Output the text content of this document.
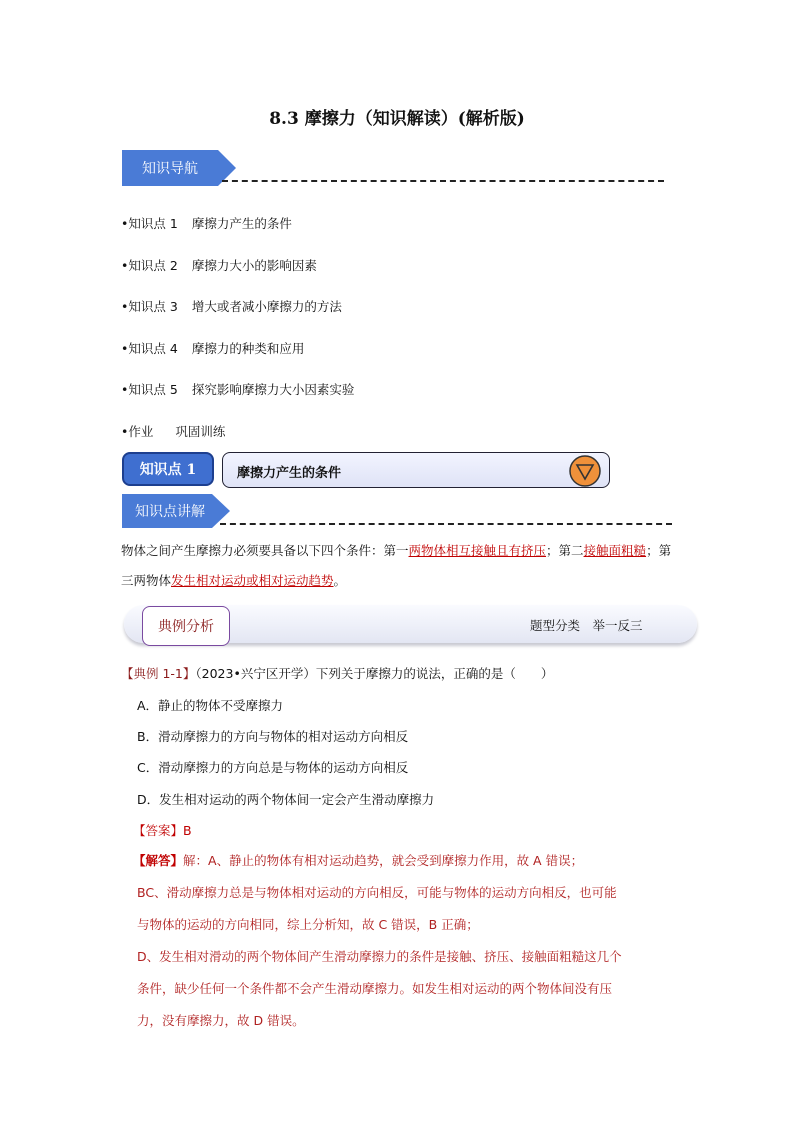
8.3 摩擦力（知识解读）(解析版)
知识导航
•知识点 1 摩擦力产生的条件
•知识点 2 摩擦力大小的影响因素
•知识点 3 增大或者减小摩擦力的方法
•知识点 4 摩擦力的种类和应用
•知识点 5 探究影响摩擦力大小因素实验
•作业 巩固训练
知识点 1	摩擦力产生的条件
知识点讲解
物体之间产生摩擦力必须要具备以下四个条件：第一两物体相互接触且有挤压；第二接触面粗糙；第三两物体发生相对运动或相对运动趋势。
典例分析	题型分类　举一反三
【典例 1-1】（2023•兴宁区开学）下列关于摩擦力的说法，正确的是（　　）
A．静止的物体不受摩擦力
B．滑动摩擦力的方向与物体的相对运动方向相反
C．滑动摩擦力的方向总是与物体的运动方向相反
D．发生相对运动的两个物体间一定会产生滑动摩擦力
【答案】B
【解答】解：A、静止的物体有相对运动趋势，就会受到摩擦力作用，故 A 错误；
BC、滑动摩擦力总是与物体相对运动的方向相反，可能与物体的运动方向相反，也可能
与物体的运动的方向相同，综上分析知，故 C 错误，B 正确；
D、发生相对滑动的两个物体间产生滑动摩擦力的条件是接触、挤压、接触面粗糙这几个
条件，缺少任何一个条件都不会产生滑动摩擦力。如发生相对运动的两个物体间没有压
力，没有摩擦力，故 D 错误。
